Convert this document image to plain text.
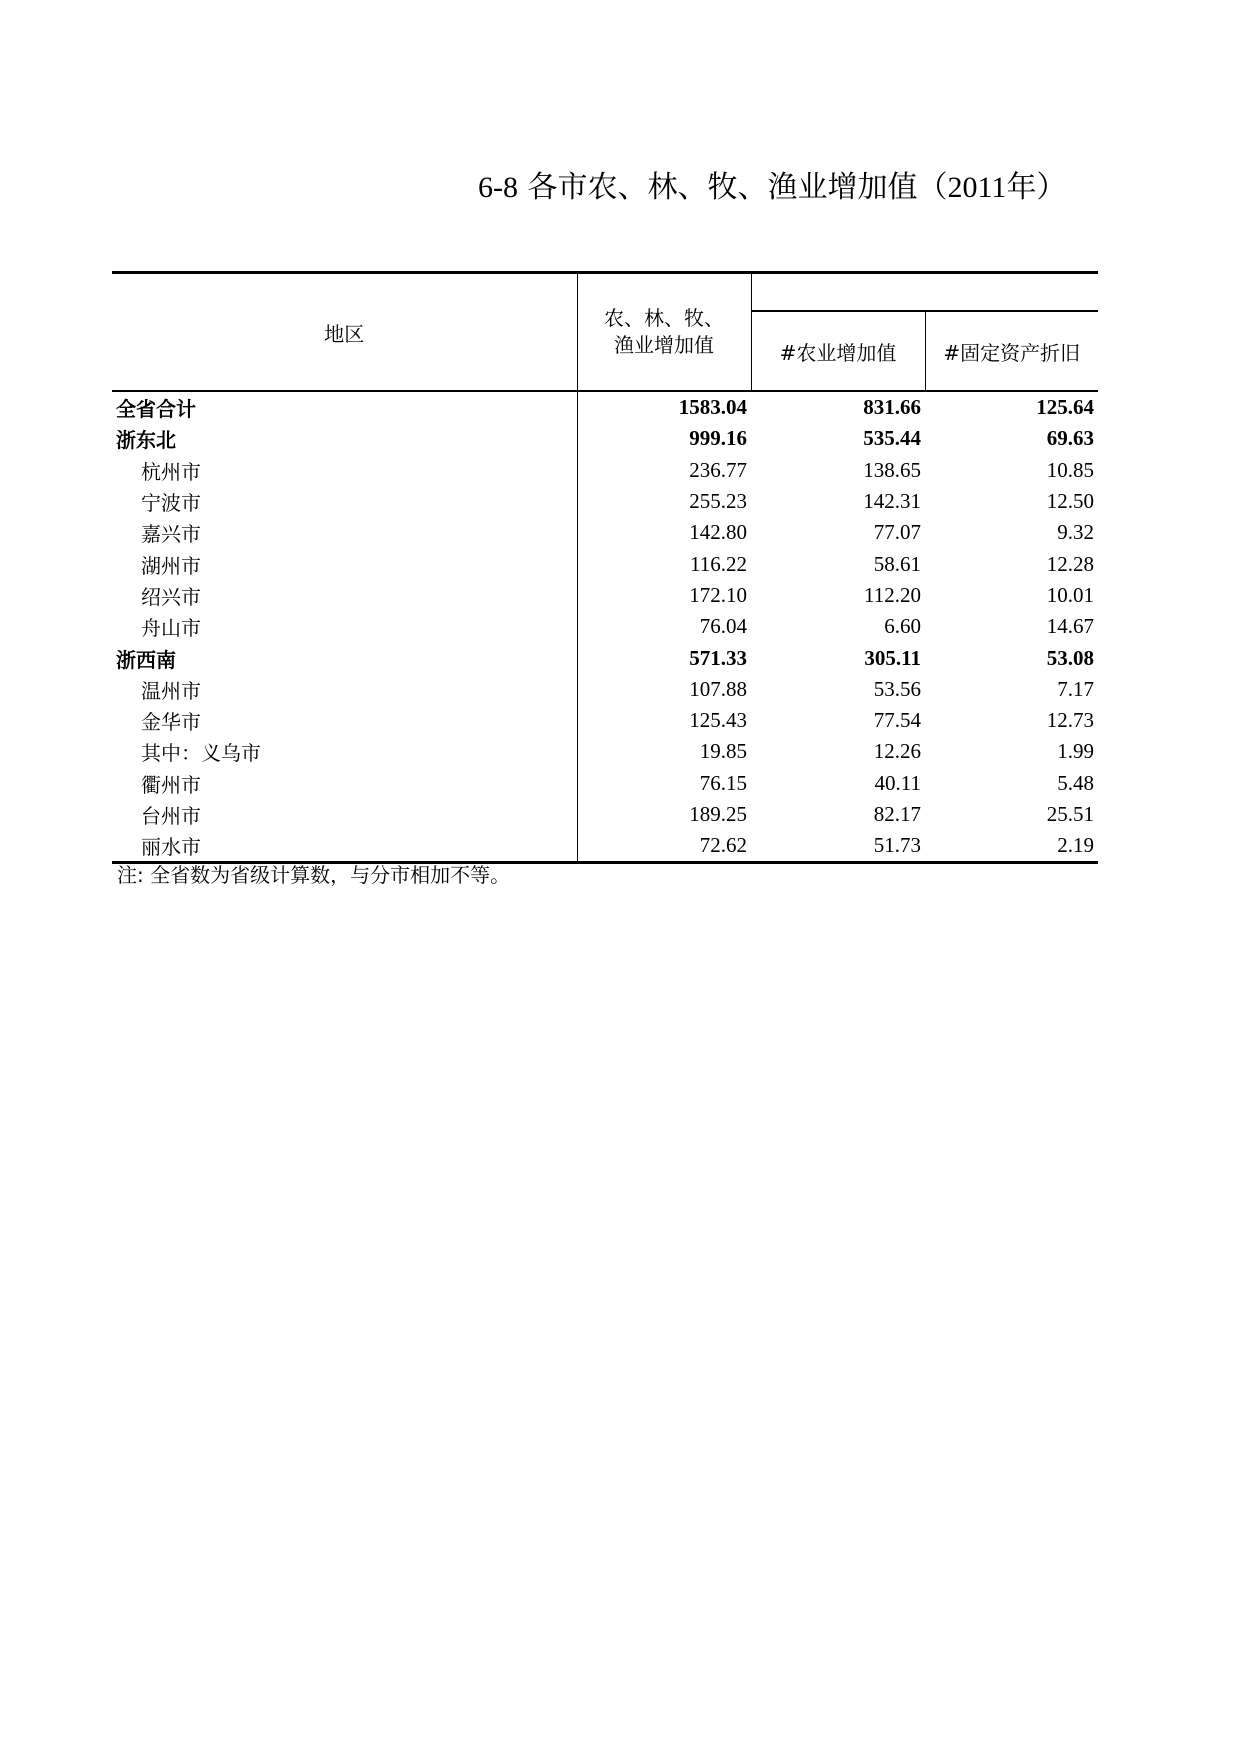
6-8 各市农、林、牧、渔业增加值（2011年）
地区	农、林、牧、
渔业增加值		
		#农业增加值	#固定资产折旧
全省合计	1583.04	831.66	125.64
浙东北	999.16	535.44	69.63
杭州市	236.77	138.65	10.85
宁波市	255.23	142.31	12.50
嘉兴市	142.80	77.07	9.32
湖州市	116.22	58.61	12.28
绍兴市	172.10	112.20	10.01
舟山市	76.04	6.60	14.67
浙西南	571.33	305.11	53.08
温州市	107.88	53.56	7.17
金华市	125.43	77.54	12.73
其中：义乌市	19.85	12.26	1.99
衢州市	76.15	40.11	5.48
台州市	189.25	82.17	25.51
丽水市	72.62	51.73	2.19
注: 全省数为省级计算数，与分市相加不等。
